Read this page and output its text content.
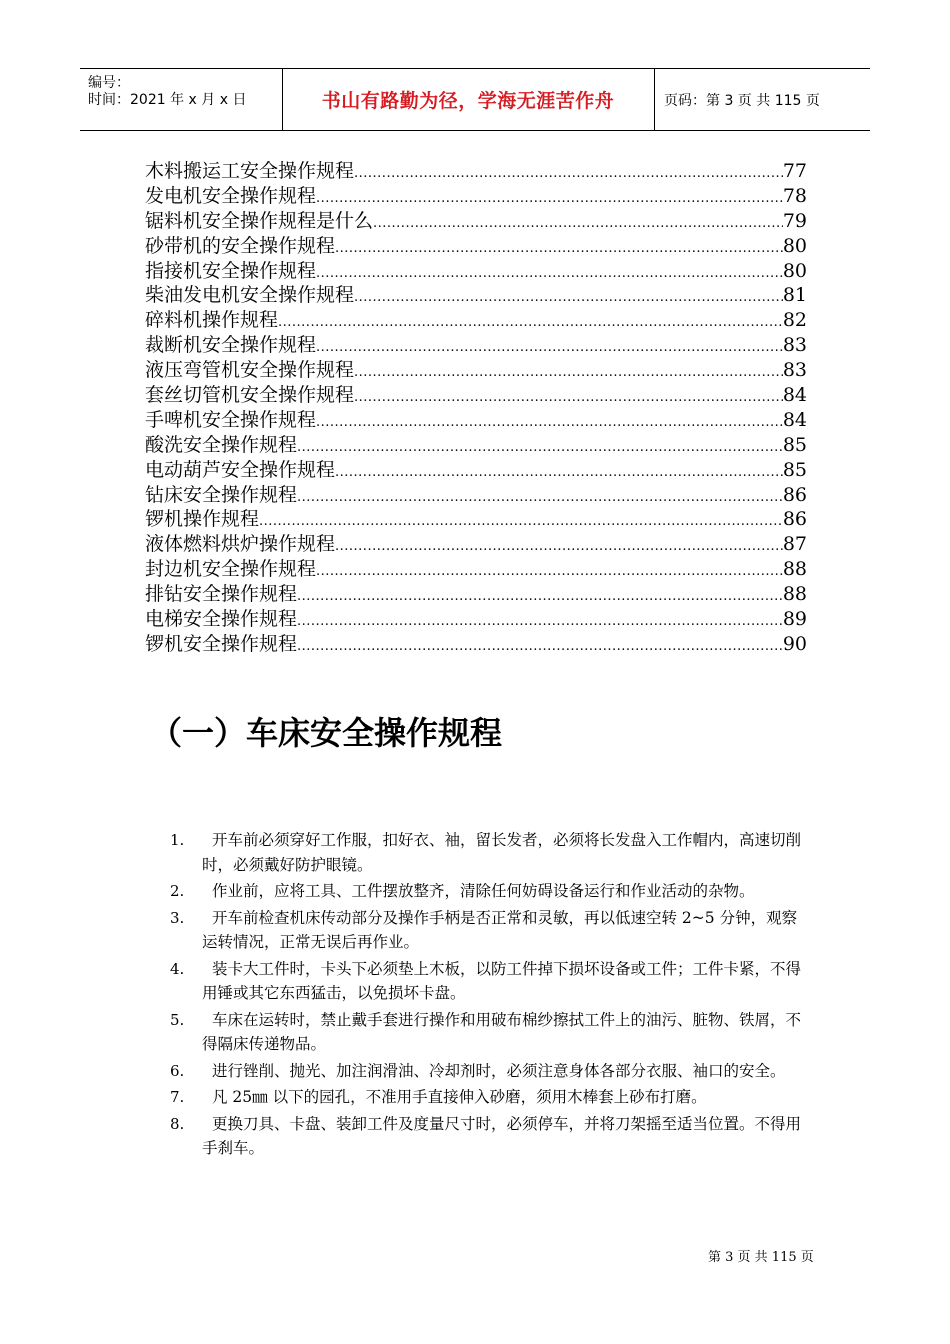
编号：
时间：2021 年 x 月 x 日	书山有路勤为径，学海无涯苦作舟	页码：第 3 页 共 115 页
木料搬运工安全操作规程 .....	77
发电机安全操作规程 .....	78
锯料机安全操作规程是什么 .....	79
砂带机的安全操作规程 .....	80
指接机安全操作规程 .....	80
柴油发电机安全操作规程 .....	81
碎料机操作规程 .....	82
裁断机安全操作规程 .....	83
液压弯管机安全操作规程 .....	83
套丝切管机安全操作规程 .....	84
手啤机安全操作规程 .....	84
酸洗安全操作规程 .....	85
电动葫芦安全操作规程 .....	85
钻床安全操作规程 .....	86
锣机操作规程 .....	86
液体燃料烘炉操作规程 .....	87
封边机安全操作规程 .....	88
排钻安全操作规程 .....	88
电梯安全操作规程 .....	89
锣机安全操作规程 .....	90
（一）车床安全操作规程
1.	开车前必须穿好工作服，扣好衣、袖，留长发者，必须将长发盘入工作帽内，高速切削时，必须戴好防护眼镜。
2.	作业前，应将工具、工件摆放整齐，清除任何妨碍设备运行和作业活动的杂物。
3.	开车前检查机床传动部分及操作手柄是否正常和灵敏，再以低速空转 2~5 分钟，观察运转情况，正常无误后再作业。
4.	装卡大工件时，卡头下必须垫上木板，以防工件掉下损坏设备或工件；工件卡紧，不得用锤或其它东西猛击，以免损坏卡盘。
5.	车床在运转时，禁止戴手套进行操作和用破布棉纱擦拭工件上的油污、脏物、铁屑，不得隔床传递物品。
6.	进行锉削、抛光、加注润滑油、冷却剂时，必须注意身体各部分衣服、袖口的安全。
7.	凡 25㎜ 以下的园孔，不准用手直接伸入砂磨，须用木棒套上砂布打磨。
8.	更换刀具、卡盘、装卸工件及度量尺寸时，必须停车，并将刀架摇至适当位置。不得用手刹车。
第 3 页 共 115 页
